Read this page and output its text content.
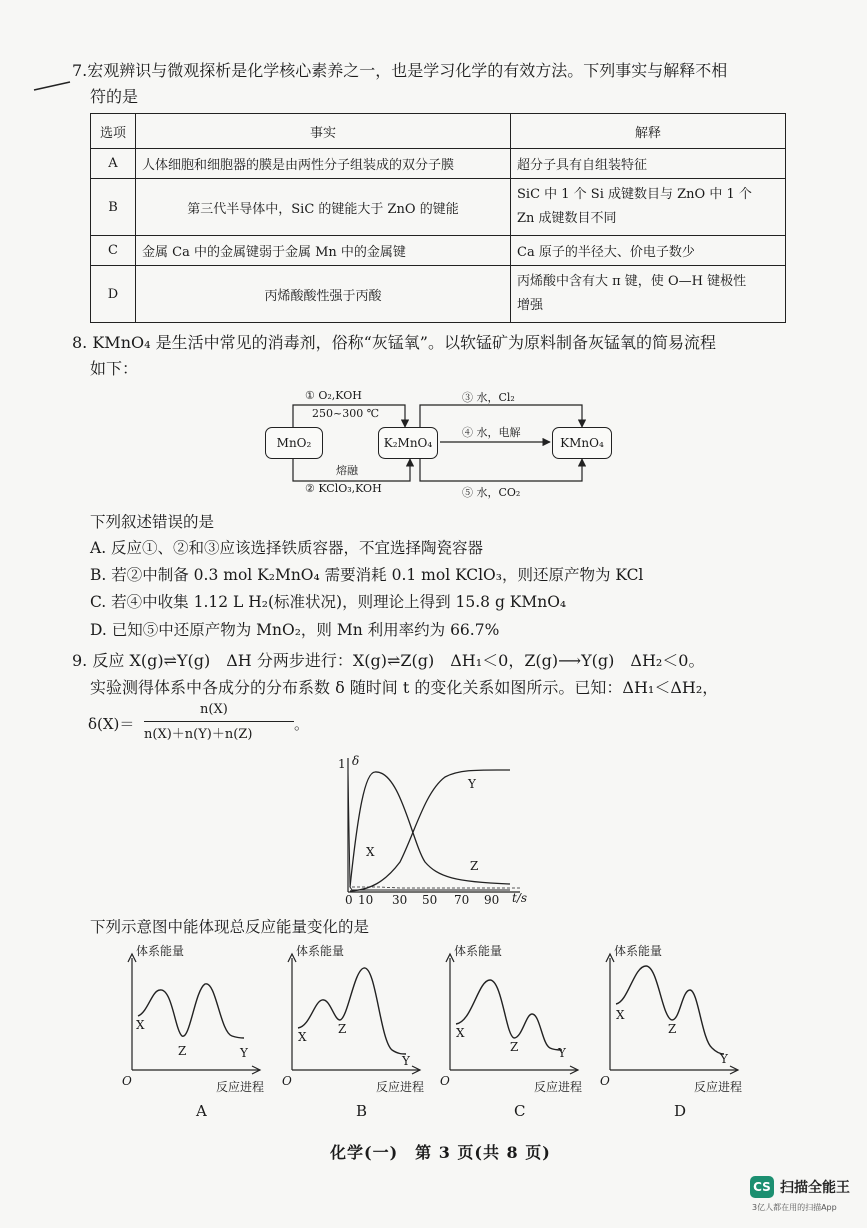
7.宏观辨识与微观探析是化学核心素养之一，也是学习化学的有效方法。下列事实与解释不相
符的是
选项	事实	解释
A	人体细胞和细胞器的膜是由两性分子组装成的双分子膜	超分子具有自组装特征
B	第三代半导体中，SiC 的键能大于 ZnO 的键能	SiC 中 1 个 Si 成键数目与 ZnO 中 1 个
Zn 成键数目不同

C	金属 Ca 中的金属键弱于金属 Mn 中的金属键	Ca 原子的半径大、价电子数少
D	丙烯酸酸性强于丙酸	丙烯酸中含有大 π 键，使 O—H 键极性
增强
8. KMnO₄ 是生活中常见的消毒剂，俗称“灰锰氧”。以软锰矿为原料制备灰锰氧的简易流程
如下：
MnO₂	K₂MnO₄	KMnO₄
① O₂,KOH
250~300 ℃
熔融
② KClO₃,KOH
③ 水，Cl₂
④ 水，电解
⑤ 水，CO₂
下列叙述错误的是
A. 反应①、②和③应该选择铁质容器，不宜选择陶瓷容器
B. 若②中制备 0.3 mol K₂MnO₄ 需要消耗 0.1 mol KClO₃，则还原产物为 KCl
C. 若④中收集 1.12 L H₂(标准状况)，则理论上得到 15.8 g KMnO₄
D. 已知⑤中还原产物为 MnO₂，则 Mn 利用率约为 66.7%
9. 反应 X(g)⇌Y(g)　ΔH 分两步进行：X(g)⇌Z(g)　ΔH₁＜0，Z(g)⟶Y(g)　ΔH₂＜0。
实验测得体系中各成分的分布系数 δ 随时间 t 的变化关系如图所示。已知：ΔH₁＜ΔH₂，
δ(X)＝
n(X)
n(X)＋n(Y)＋n(Z)
。
1 δ
Y
X
Z
0 10 30 50 70 90 t/s
下列示意图中能体现总反应能量变化的是
体系能量
X
Z	Y
O	反应进程
A
体系能量
X
Z
Y
O	反应进程
B
体系能量
X
Z	Y
O	反应进程
C
体系能量
X
Z
Y
O	反应进程
D
化学(一)　第 3 页(共 8 页)
CS 扫描全能王
3亿人都在用的扫描App
